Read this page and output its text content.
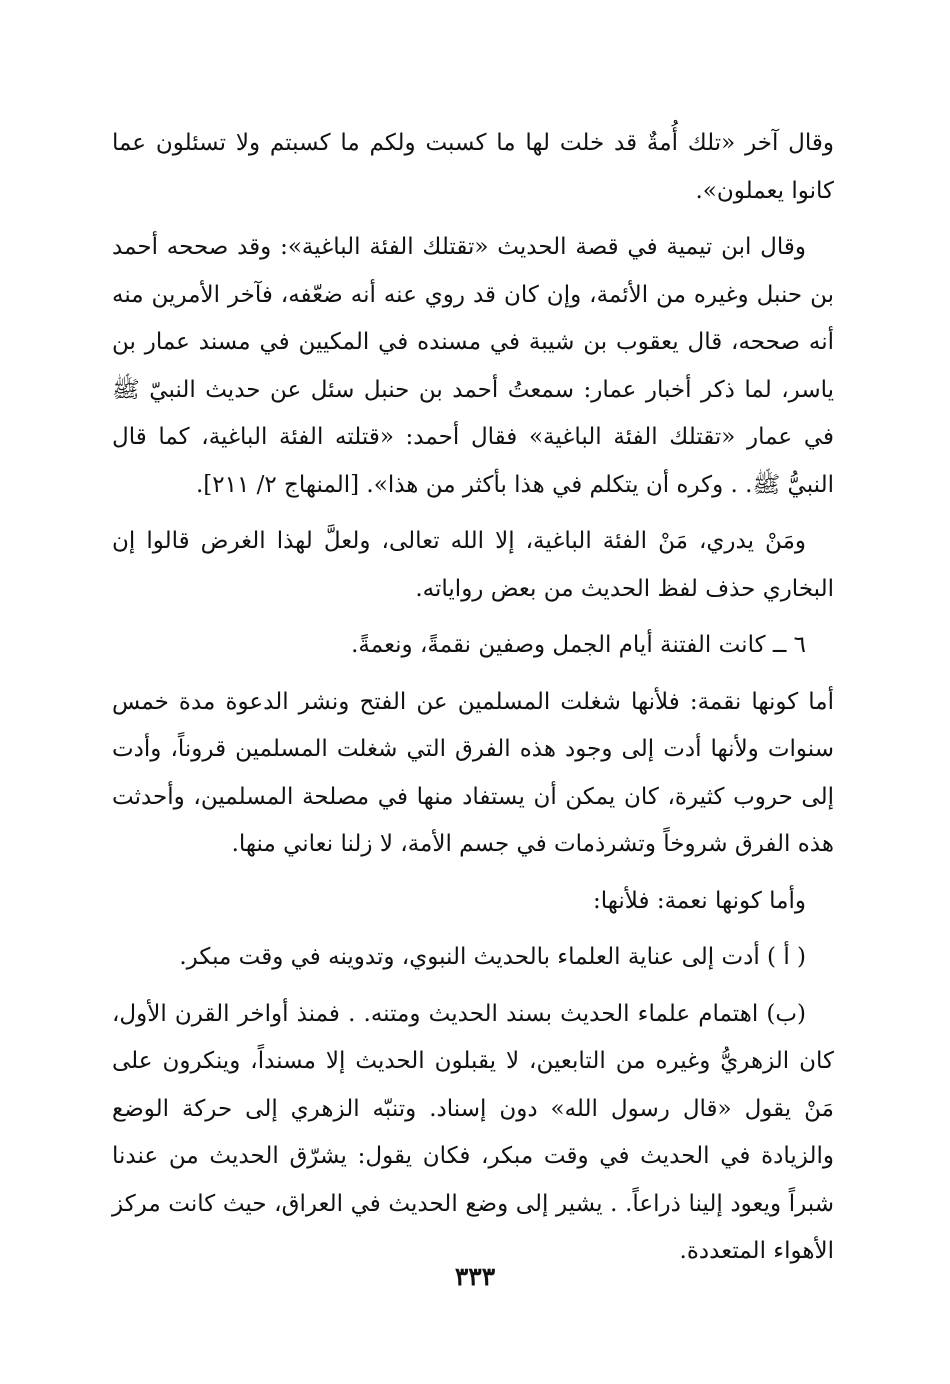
وقال آخر «تلك أُمةٌ قد خلت لها ما كسبت ولكم ما كسبتم ولا تسئلون عما كانوا يعملون».

وقال ابن تيمية في قصة الحديث «تقتلك الفئة الباغية»: وقد صححه أحمد بن حنبل وغيره من الأئمة، وإن كان قد روي عنه أنه ضعّفه، فآخر الأمرين منه أنه صححه، قال يعقوب بن شيبة في مسنده في المكيين في مسند عمار بن ياسر، لما ذكر أخبار عمار: سمعتُ أحمد بن حنبل سئل عن حديث النبيّ ﷺ في عمار «تقتلك الفئة الباغية» فقال أحمد: «قتلته الفئة الباغية، كما قال النبيُّ ﷺ. . وكره أن يتكلم في هذا بأكثر من هذا». [المنهاج ٢/ ٢١١].

ومَنْ يدري، مَنْ الفئة الباغية، إلا الله تعالى، ولعلَّ لهذا الغرض قالوا إن البخاري حذف لفظ الحديث من بعض رواياته.

٦ ــ كانت الفتنة أيام الجمل وصفين نقمةً، ونعمةً.

أما كونها نقمة: فلأنها شغلت المسلمين عن الفتح ونشر الدعوة مدة خمس سنوات ولأنها أدت إلى وجود هذه الفرق التي شغلت المسلمين قروناً، وأدت إلى حروب كثيرة، كان يمكن أن يستفاد منها في مصلحة المسلمين، وأحدثت هذه الفرق شروخاً وتشرذمات في جسم الأمة، لا زلنا نعاني منها.

وأما كونها نعمة: فلأنها:

( أ ) أدت إلى عناية العلماء بالحديث النبوي، وتدوينه في وقت مبكر.

(ب) اهتمام علماء الحديث بسند الحديث ومتنه. . فمنذ أواخر القرن الأول، كان الزهريُّ وغيره من التابعين، لا يقبلون الحديث إلا مسنداً، وينكرون على مَنْ يقول «قال رسول الله» دون إسناد. وتنبّه الزهري إلى حركة الوضع والزيادة في الحديث في وقت مبكر، فكان يقول: يشرّق الحديث من عندنا شبراً ويعود إلينا ذراعاً. . يشير إلى وضع الحديث في العراق، حيث كانت مركز الأهواء المتعددة.

٣٣٣
